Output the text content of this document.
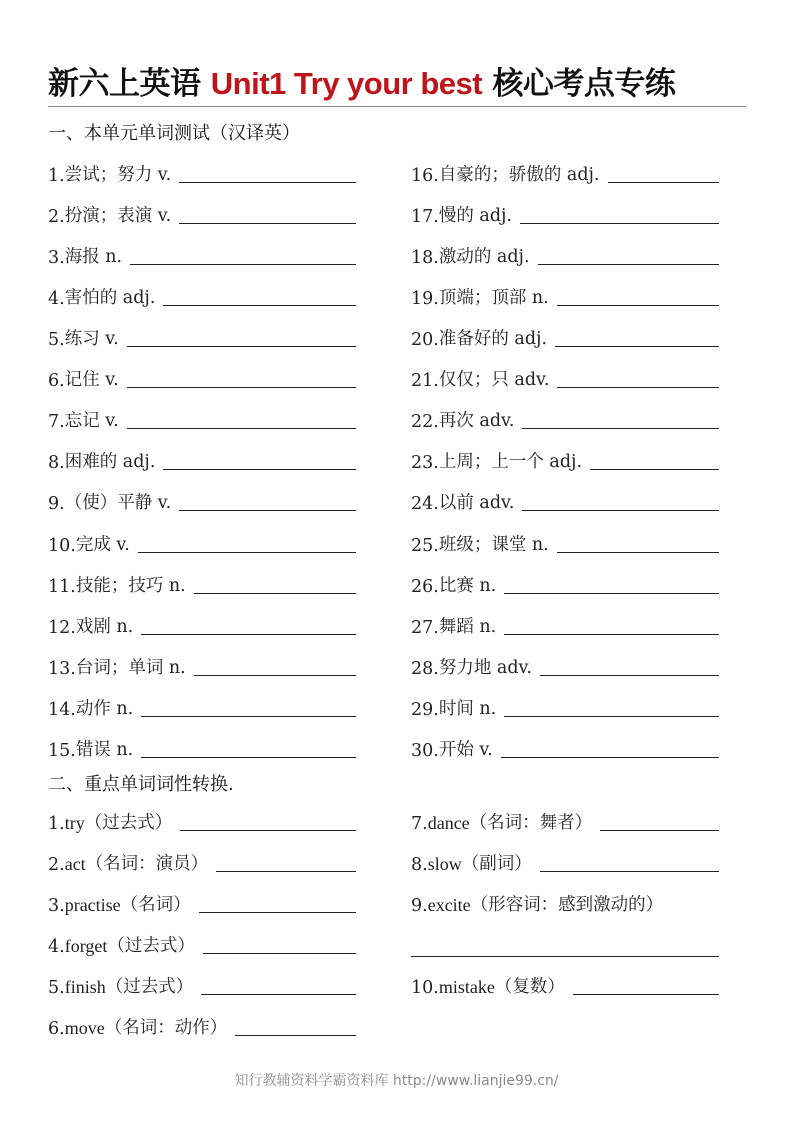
新六上英语 Unit1 Try your best 核心考点专练
一、本单元单词测试（汉译英）
1. 尝试；努力 v.
2. 扮演；表演 v.
3. 海报 n.
4. 害怕的 adj.
5. 练习 v.
6. 记住 v.
7. 忘记 v.
8. 困难的 adj.
9. （使）平静 v.
10. 完成 v.
11. 技能；技巧 n.
12. 戏剧 n.
13. 台词；单词 n.
14. 动作 n.
15. 错误 n.
16. 自豪的；骄傲的 adj.
17. 慢的 adj.
18. 激动的 adj.
19. 顶端；顶部 n.
20. 准备好的 adj.
21. 仅仅；只 adv.
22. 再次 adv.
23. 上周；上一个 adj.
24. 以前 adv.
25. 班级；课堂 n.
26. 比赛 n.
27. 舞蹈 n.
28. 努力地 adv.
29. 时间 n.
30. 开始 v.
二、重点单词词性转换.
1. try （过去式）
2. act （名词：演员）
3. practise （名词）
4. forget （过去式）
5. finish （过去式）
6. move （名词：动作）
7. dance （名词：舞者）
8. slow （副词）
9. excite （形容词：感到激动的）
10. mistake （复数）
知行教辅资料学霸资料库 http://www.lianjie99.cn/
